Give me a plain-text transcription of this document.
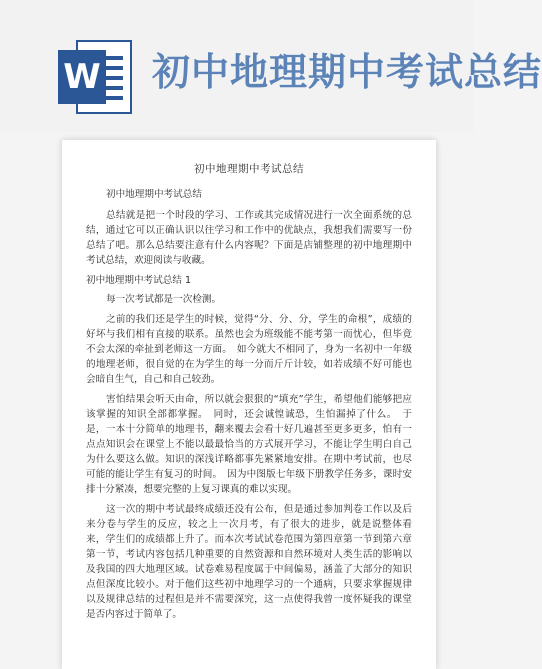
W 初中地理期中考试总结
初中地理期中考试总结
初中地理期中考试总结

总结就是把一个时段的学习、工作或其完成情况进行一次全面系统的总结，通过它可以正确认识以往学习和工作中的优缺点，我想我们需要写一份总结了吧。那么总结要注意有什么内容呢？下面是店铺整理的初中地理期中考试总结，欢迎阅读与收藏。

初中地理期中考试总结 1

每一次考试都是一次检测。

之前的我们还是学生的时候，觉得“分、分、分，学生的命根”，成绩的好坏与我们相有直接的联系。虽然也会为班级能不能考第一而忧心，但毕竟不会太深的牵扯到老师这一方面。　如今就大不相同了，身为一名初中一年级的地理老师，很自觉的在为学生的每一分而斤斤计较，如若成绩不好可能也会暗自生气，自己和自己较劲。

害怕结果会听天由命，所以就会狠狠的“填充”学生，希望他们能够把应该掌握的知识全部都掌握。　同时，还会诚惶诚恐，生怕漏掉了什么。　于是，一本十分简单的地理书，翻来覆去会看十好几遍甚至更多更多，怕有一点点知识会在课堂上不能以最最恰当的方式展开学习，不能让学生明白自己为什么要这么做。知识的深浅详略都事先紧紧地安排。在期中考试前，也尽可能的能让学生有复习的时间。　因为中图版七年级下册教学任务多，课时安排十分紧凑，想要完整的上复习课真的难以实现。

这一次的期中考试最终成绩还没有公布，但是通过参加判卷工作以及后来分卷与学生的反应，较之上一次月考，有了很大的进步，就是说整体看来，学生们的成绩都上升了。而本次考试试卷范围为第四章第一节到第六章第一节，考试内容包括几种重要的自然资源和自然环境对人类生活的影响以及我国的四大地理区域。试卷难易程度属于中间偏易，涵盖了大部分的知识点但深度比较小。对于他们这些初中地理学习的一个通病，只要求掌握规律以及规律总结的过程但是并不需要深究，这一点使得我曾一度怀疑我的课堂是否内容过于简单了。
